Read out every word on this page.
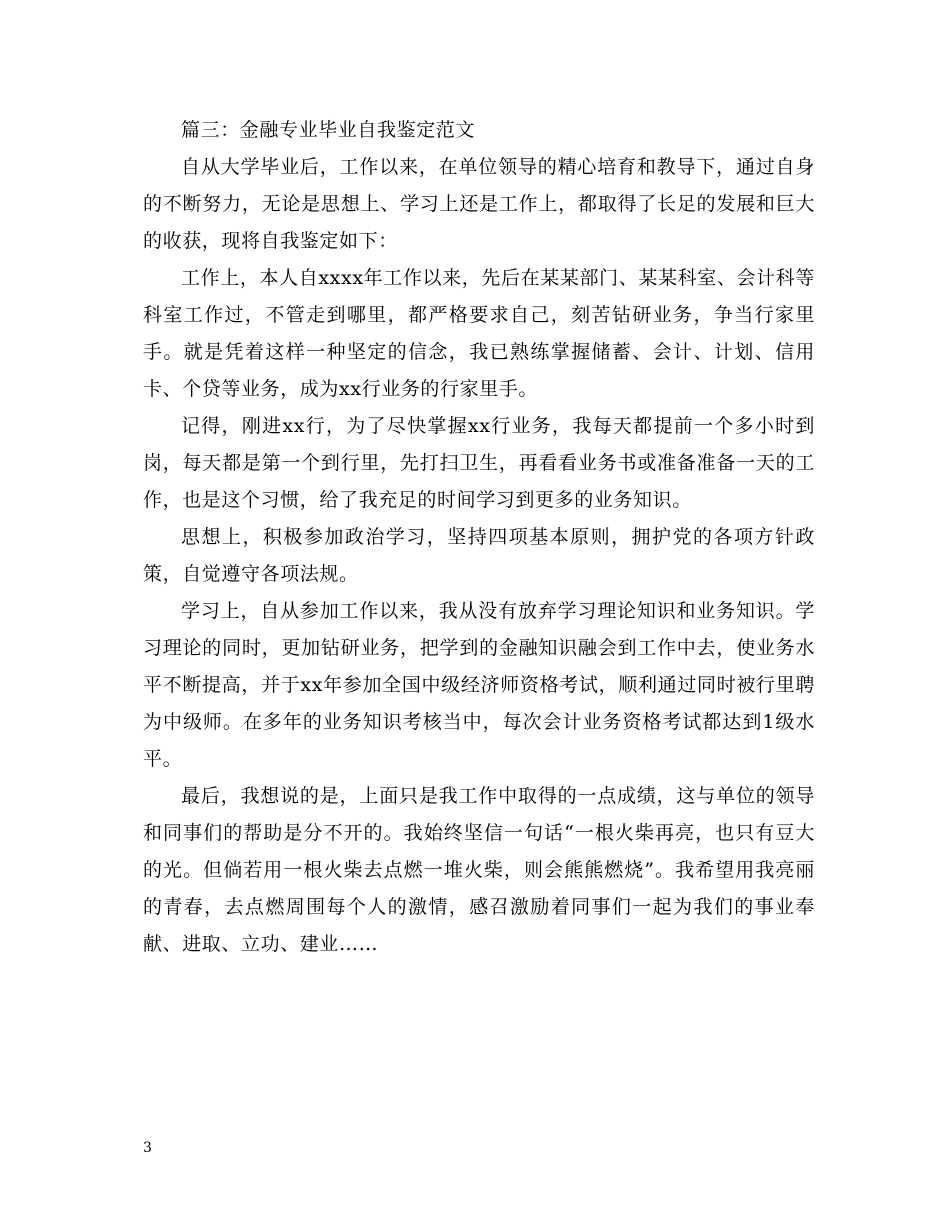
篇三：金融专业毕业自我鉴定范文

自从大学毕业后，工作以来，在单位领导的精心培育和教导下，通过自身的不断努力，无论是思想上、学习上还是工作上，都取得了长足的发展和巨大的收获，现将自我鉴定如下：

工作上，本人自xxxx年工作以来，先后在某某部门、某某科室、会计科等科室工作过，不管走到哪里，都严格要求自己，刻苦钻研业务，争当行家里手。就是凭着这样一种坚定的信念，我已熟练掌握储蓄、会计、计划、信用卡、个贷等业务，成为xx行业务的行家里手。

记得，刚进xx行，为了尽快掌握xx行业务，我每天都提前一个多小时到岗，每天都是第一个到行里，先打扫卫生，再看看业务书或准备准备一天的工作，也是这个习惯，给了我充足的时间学习到更多的业务知识。

思想上，积极参加政治学习，坚持四项基本原则，拥护党的各项方针政策，自觉遵守各项法规。

学习上，自从参加工作以来，我从没有放弃学习理论知识和业务知识。学习理论的同时，更加钻研业务，把学到的金融知识融会到工作中去，使业务水平不断提高，并于xx年参加全国中级经济师资格考试，顺利通过同时被行里聘为中级师。在多年的业务知识考核当中，每次会计业务资格考试都达到1级水平。

最后，我想说的是，上面只是我工作中取得的一点成绩，这与单位的领导和同事们的帮助是分不开的。我始终坚信一句话“一根火柴再亮，也只有豆大的光。但倘若用一根火柴去点燃一堆火柴，则会熊熊燃烧”。我希望用我亮丽的青春，去点燃周围每个人的激情，感召激励着同事们一起为我们的事业奉献、进取、立功、建业……

3
